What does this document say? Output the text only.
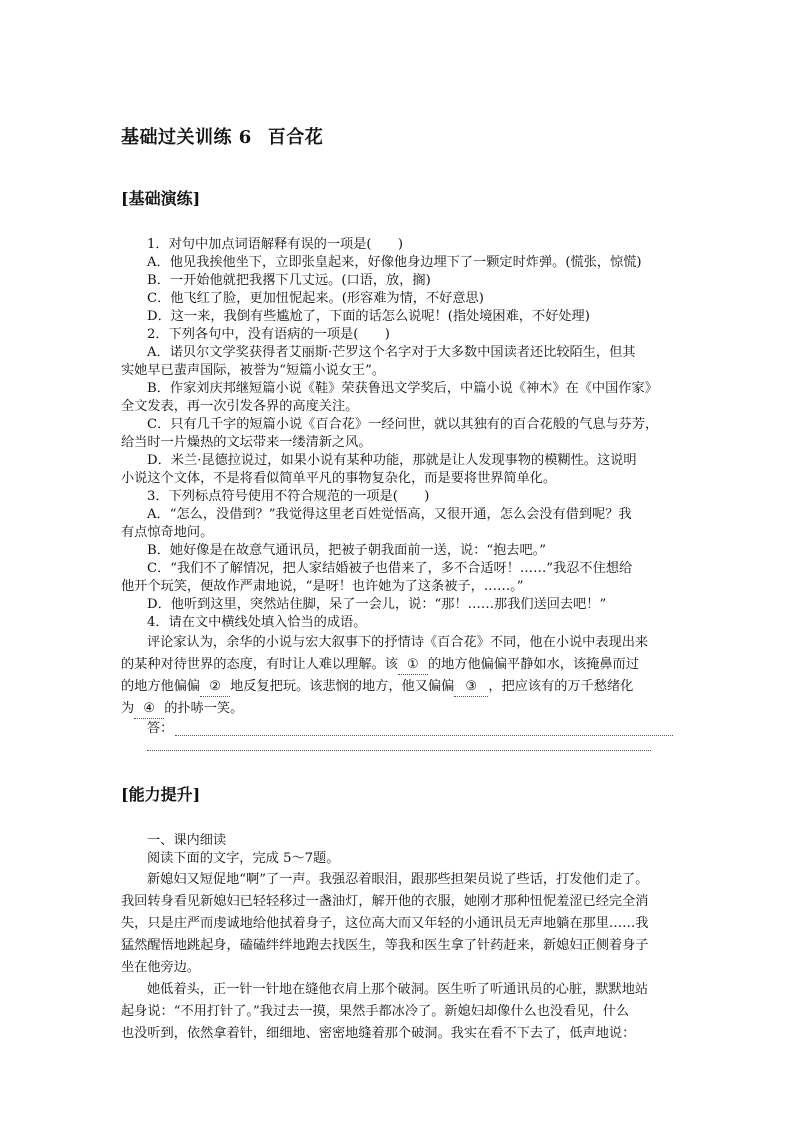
基础过关训练 6 百合花
[基础演练]
1．对句中加点词语解释有误的一项是(　　)
A．他见我挨他坐下，立即张皇起来，好像他身边埋下了一颗定时炸弹。(慌张，惊慌)
B．一开始他就把我撂下几丈远。(口语，放，搁)
C．他飞红了脸，更加忸怩起来。(形容难为情，不好意思)
D．这一来，我倒有些尴尬了，下面的话怎么说呢！(指处境困难，不好处理)
2．下列各句中，没有语病的一项是(　　)
A．诺贝尔文学奖获得者艾丽斯·芒罗这个名字对于大多数中国读者还比较陌生，但其
实她早已蜚声国际，被誉为“短篇小说女王”。
B．作家刘庆邦继短篇小说《鞋》荣获鲁迅文学奖后，中篇小说《神木》在《中国作家》
全文发表，再一次引发各界的高度关注。
C．只有几千字的短篇小说《百合花》一经问世，就以其独有的百合花般的气息与芬芳，
给当时一片燥热的文坛带来一缕清新之风。
D．米兰·昆德拉说过，如果小说有某种功能，那就是让人发现事物的模糊性。这说明
小说这个文体，不是将看似简单平凡的事物复杂化，而是要将世界简单化。
3．下列标点符号使用不符合规范的一项是(　　)
A．“怎么，没借到？”我觉得这里老百姓觉悟高，又很开通，怎么会没有借到呢？我
有点惊奇地问。
B．她好像是在故意气通讯员，把被子朝我面前一送，说：“抱去吧。”
C．“我们不了解情况，把人家结婚被子也借来了，多不合适呀！……”我忍不住想给
他开个玩笑，便故作严肃地说，“是呀！也许她为了这条被子，……。”
D．他听到这里，突然站住脚，呆了一会儿，说：“那！……那我们送回去吧！”
4．请在文中横线处填入恰当的成语。
评论家认为，余华的小说与宏大叙事下的抒情诗《百合花》不同，他在小说中表现出来
的某种对待世界的态度，有时让人难以理解。该 ① 的地方他偏偏平静如水，该掩鼻而过
的地方他偏偏 ② 地反复把玩。该悲悯的地方，他又偏偏 ③ ，把应该有的万千愁绪化
为 ④ 的扑哧一笑。
答：
[能力提升]
一、课内细读
阅读下面的文字，完成 5～7题。
新媳妇又短促地“啊”了一声。我强忍着眼泪，跟那些担架员说了些话，打发他们走了。
我回转身看见新媳妇已轻轻移过一盏油灯，解开他的衣服，她刚才那种忸怩羞涩已经完全消
失，只是庄严而虔诚地给他拭着身子，这位高大而又年轻的小通讯员无声地躺在那里……我
猛然醒悟地跳起身，磕磕绊绊地跑去找医生，等我和医生拿了针药赶来，新媳妇正侧着身子
坐在他旁边。
她低着头，正一针一针地在缝他衣肩上那个破洞。医生听了听通讯员的心脏，默默地站
起身说：“不用打针了。”我过去一摸，果然手都冰冷了。新媳妇却像什么也没看见，什么
也没听到，依然拿着针，细细地、密密地缝着那个破洞。我实在看不下去了，低声地说：
